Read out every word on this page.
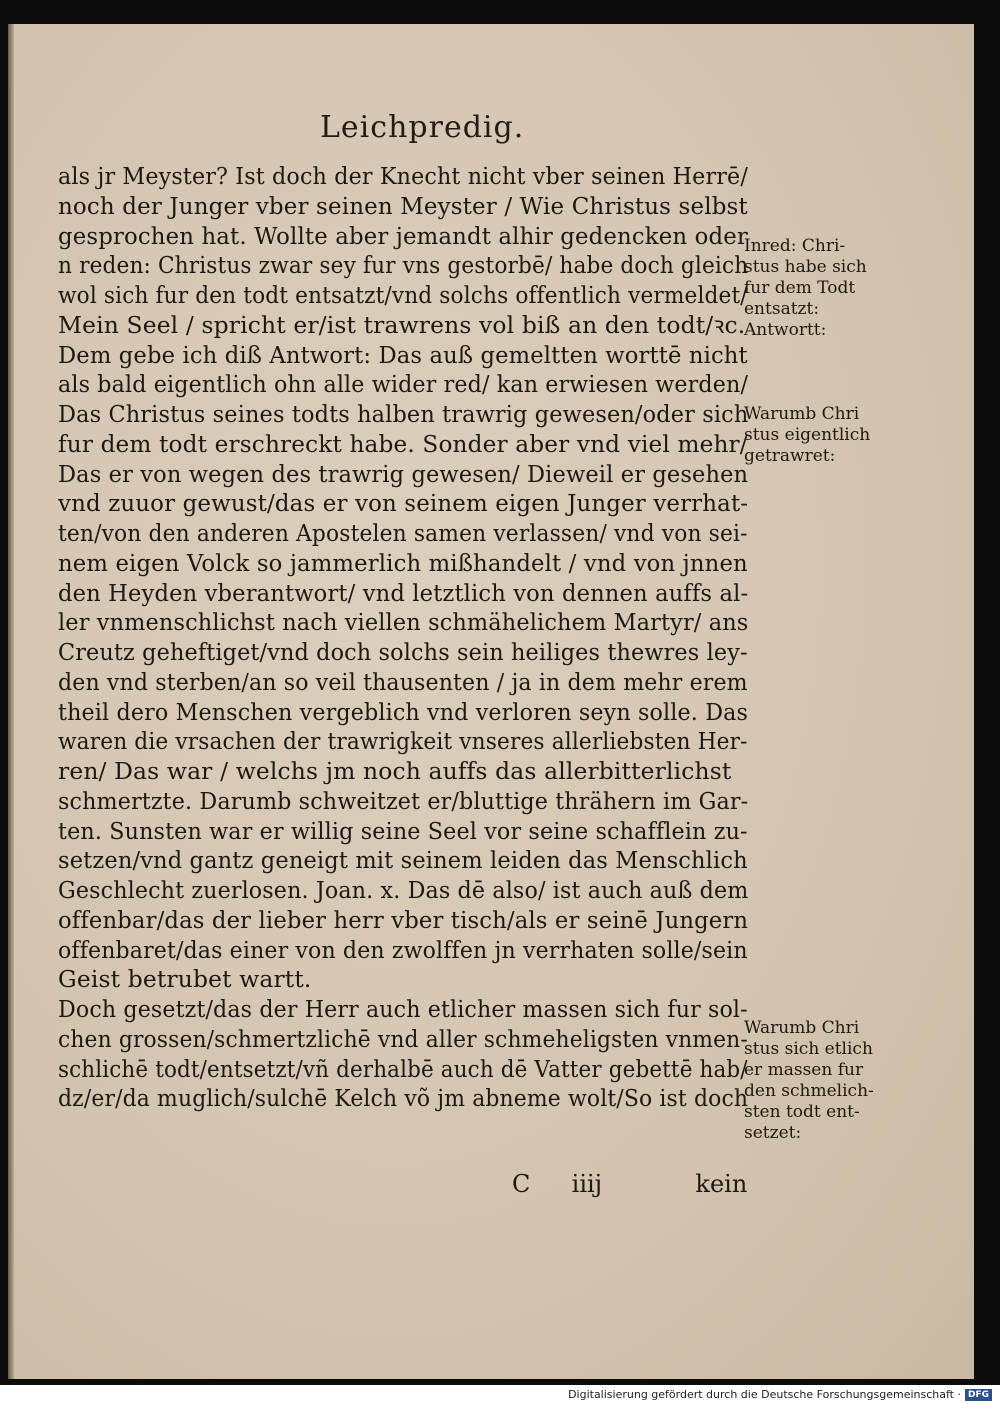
Leichpredig.
als jr Meyster? Ist doch der Knecht nicht vber seinen Herrē/
noch der Junger vber seinen Meyster / Wie Christus selbst
gesprochen hat. Wollte aber jemandt alhir gedencken oder
n reden: Christus zwar sey fur vns gestorbē/ habe doch gleich
wol sich fur den todt entsatzt/vnd solchs offentlich vermeldet/
Mein Seel / spricht er/ist trawrens vol biß an den todt/ꝛc.
Dem gebe ich diß Antwort: Das auß gemeltten worttē nicht
als bald eigentlich ohn alle wider red/ kan erwiesen werden/
Das Christus seines todts halben trawrig gewesen/oder sich
fur dem todt erschreckt habe. Sonder aber vnd viel mehr/
Das er von wegen des trawrig gewesen/ Dieweil er gesehen
vnd zuuor gewust/das er von seinem eigen Junger verrhat-
ten/von den anderen Apostelen samen verlassen/ vnd von sei-
nem eigen Volck so jammerlich mißhandelt / vnd von jnnen
den Heyden vberantwort/ vnd letztlich von dennen auffs al-
ler vnmenschlichst nach viellen schmähelichem Martyr/ ans
Creutz geheftiget/vnd doch solchs sein heiliges thewres ley-
den vnd sterben/an so veil thausenten / ja in dem mehr erem
theil dero Menschen vergeblich vnd verloren seyn solle. Das
waren die vrsachen der trawrigkeit vnseres allerliebsten Her-
ren/ Das war / welchs jm noch auffs das allerbitterlichst
schmertzte. Darumb schweitzet er/bluttige thrähern im Gar-
ten. Sunsten war er willig seine Seel vor seine schafflein zu-
setzen/vnd gantz geneigt mit seinem leiden das Menschlich
Geschlecht zuerlosen. Joan. x. Das dē also/ ist auch auß dem
offenbar/das der lieber herr vber tisch/als er seinē Jungern
offenbaret/das einer von den zwolffen jn verrhaten solle/sein
Geist betrubet wartt.
Doch gesetzt/das der Herr auch etlicher massen sich fur sol-
chen grossen/schmertzlichē vnd aller schmeheligsten vnmen-
schlichē todt/entsetzt/vñ derhalbē auch dē Vatter gebettē hab/
dz/er/da muglich/sulchē Kelch võ jm abneme wolt/So ist doch
Inred: Chri-
stus habe sich
fur dem Todt
entsatzt:
Antwortt:
Warumb Chri
stus eigentlich
getrawret:
Warumb Chri
stus sich etlich
er massen fur
den schmelich-
sten todt ent-
setzet:
C iiij	kein
Digitalisierung gefördert durch die Deutsche Forschungsgemeinschaft · DFG
